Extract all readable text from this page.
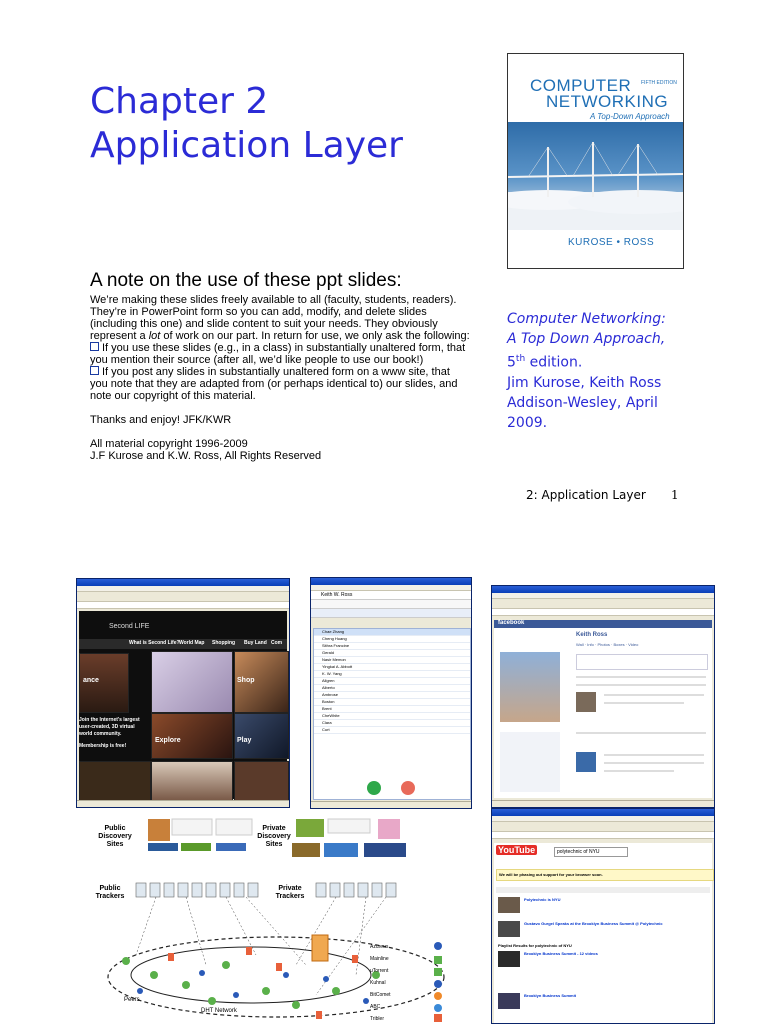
Chapter 2
Application Layer
COMPUTER FIFTH EDITION
NETWORKING
A Top-Down Approach
KUROSE • ROSS
A note on the use of these ppt slides:

We’re making these slides freely available to all (faculty, students, readers). They’re in PowerPoint form so you can add, modify, and delete slides (including this one) and slide content to suit your needs. They obviously represent a lot of work on our part. In return for use, we only ask the following:

If you use these slides (e.g., in a class) in substantially unaltered form, that you mention their source (after all, we’d like people to use our book!)

If you post any slides in substantially unaltered form on a www site, that you note that they are adapted from (or perhaps identical to) our slides, and note our copyright of this material.

Thanks and enjoy! JFK/KWR

All material copyright 1996-2009

J.F Kurose and K.W. Ross, All Rights Reserved

Computer Networking:
A Top Down Approach,
5th edition.
Jim Kurose, Keith Ross
Addison-Wesley, April
2009.
2: Application Layer 1
Second LIFE
What is Second Life? World Map Shopping Buy Land Com
ance	Shop
Join the Internet's largest user-created, 3D virtual world community.
Membership is free!
Explore	Play
Keith W. Ross
Chae Zhang
Cheng Huang
Sithra Francine
Gerald
Nasir Memon
Yingkai A. Abbott
K. W. Yang
Allgren
Alberto
Ambrose
Boston
Brent
CheWhite
Clara
Curt
facebook
Keith Ross
Wall · Info · Photos · Boxes · Video
YouTube	polytechnic of NYU
We will be phasing out support for your browser soon.
Polytechnic is NYU
Gustavo Gurgel Speaks at the Brooklyn Business Summit @ Polytechnic
Playlist Results for polytechnic of NYU
Brooklyn Business Summit - 12 videos
Brooklyn Business Summit
Public Discovery Sites
Private Discovery Sites
Public Trackers
Private Trackers
Peers
DHT Network
Azureus
Mainline
uTorrent
Kuhnal
BitComet
ABC
Tribler
